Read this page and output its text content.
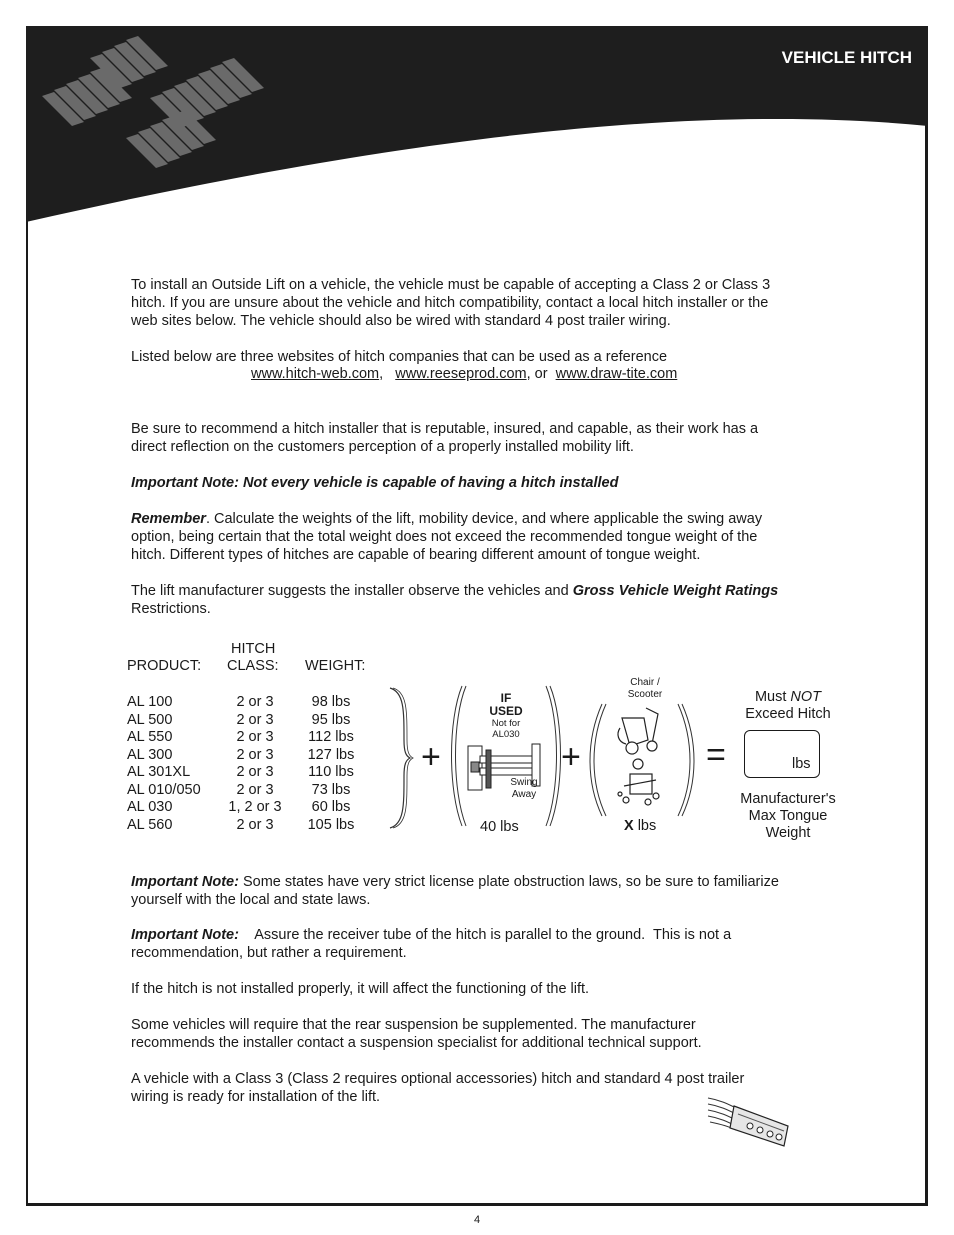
VEHICLE HITCH

To install an Outside Lift on a vehicle, the vehicle must be capable of accepting a Class 2 or Class 3
hitch. If you are unsure about the vehicle and hitch compatibility, contact a local hitch installer or the
web sites below. The vehicle should also be wired with standard 4 post trailer wiring.

Listed below are three websites of hitch companies that can be used as a reference

www.hitch-web.com, www.reeseprod.com, or www.draw-tite.com

Be sure to recommend a hitch installer that is reputable, insured, and capable, as their work has a
direct reflection on the customers perception of a properly installed mobility lift.

Important Note: Not every vehicle is capable of having a hitch installed

Remember. Calculate the weights of the lift, mobility device, and where applicable the swing away
option, being certain that the total weight does not exceed the recommended tongue weight of the
hitch. Different types of hitches are capable of bearing different amount of tongue weight.

The lift manufacturer suggests the installer observe the vehicles and Gross Vehicle Weight Ratings
Restrictions.

PRODUCT:
HITCH
CLASS: WEIGHT:
AL 100
AL 500
AL 550
AL 300
AL 301XL
AL 010/050
AL 030
AL 560
2 or 3
2 or 3
2 or 3
2 or 3
2 or 3
2 or 3
1, 2 or 3
2 or 3
98 lbs
95 lbs
112 lbs
127 lbs
110 lbs
73 lbs
60 lbs
105 lbs
+	+	=
IF
USED
Not for
AL030
Swing
Away
40 lbs
Chair /
Scooter
X lbs
Must NOT
Exceed Hitch
lbs
Manufacturer's
Max Tongue
Weight

Important Note: Some states have very strict license plate obstruction laws, so be sure to familiarize
yourself with the local and state laws.

Important Note:    Assure the receiver tube of the hitch is parallel to the ground.  This is not a
recommendation, but rather a requirement.

If the hitch is not installed properly, it will affect the functioning of the lift.

Some vehicles will require that the rear suspension be supplemented. The manufacturer
recommends the installer contact a suspension specialist for additional technical support.

A vehicle with a Class 3 (Class 2 requires optional accessories) hitch and standard 4 post trailer
wiring is ready for installation of the lift.

4
